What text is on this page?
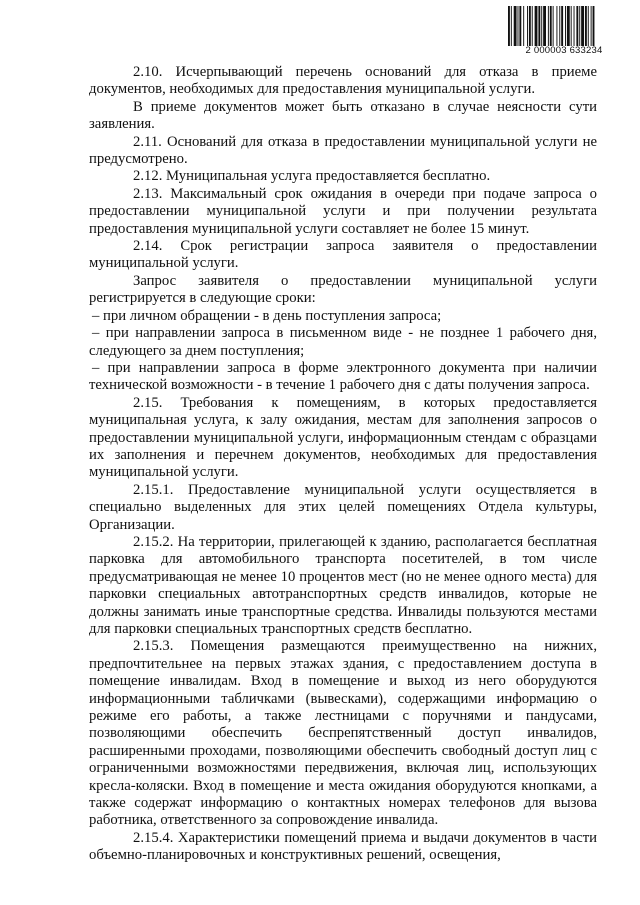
2 000003 633234

2.10. Исчерпывающий перечень оснований для отказа в приеме документов, необходимых для предоставления муниципальной услуги.

В приеме документов может быть отказано в случае неясности сути заявления.

2.11. Оснований для отказа в предоставлении муниципальной услуги не предусмотрено.

2.12. Муниципальная услуга предоставляется бесплатно.

2.13. Максимальный срок ожидания в очереди при подаче запроса о предоставлении муниципальной услуги и при получении результата предоставления муниципальной услуги составляет не более 15 минут.

2.14. Срок регистрации запроса заявителя о предоставлении муниципальной услуги.

Запрос заявителя о предоставлении муниципальной услуги регистрируется в следующие сроки:

– при личном обращении - в день поступления запроса;

– при направлении запроса в письменном виде - не позднее 1 рабочего дня, следующего за днем поступления;

– при направлении запроса в форме электронного документа при наличии технической возможности - в течение 1 рабочего дня с даты получения запроса.

2.15. Требования к помещениям, в которых предоставляется муниципальная услуга, к залу ожидания, местам для заполнения запросов о предоставлении муниципальной услуги, информационным стендам с образцами их заполнения и перечнем документов, необходимых для предоставления муниципальной услуги.

2.15.1. Предоставление муниципальной услуги осуществляется в специально выделенных для этих целей помещениях Отдела культуры, Организации.

2.15.2. На территории, прилегающей к зданию, располагается бесплатная парковка для автомобильного транспорта посетителей, в том числе предусматривающая не менее 10 процентов мест (но не менее одного места) для парковки специальных автотранспортных средств инвалидов, которые не должны занимать иные транспортные средства. Инвалиды пользуются местами для парковки специальных транспортных средств бесплатно.

2.15.3. Помещения размещаются преимущественно на нижних, предпочтительнее на первых этажах здания, с предоставлением доступа в помещение инвалидам. Вход в помещение и выход из него оборудуются информационными табличками (вывесками), содержащими информацию о режиме его работы, а также лестницами с поручнями и пандусами, позволяющими обеспечить беспрепятственный доступ инвалидов, расширенными проходами, позволяющими обеспечить свободный доступ лиц с ограниченными возможностями передвижения, включая лиц, использующих кресла-коляски. Вход в помещение и места ожидания оборудуются кнопками, а также содержат информацию о контактных номерах телефонов для вызова работника, ответственного за сопровождение инвалида.

2.15.4. Характеристики помещений приема и выдачи документов в части объемно-планировочных и конструктивных решений, освещения,
